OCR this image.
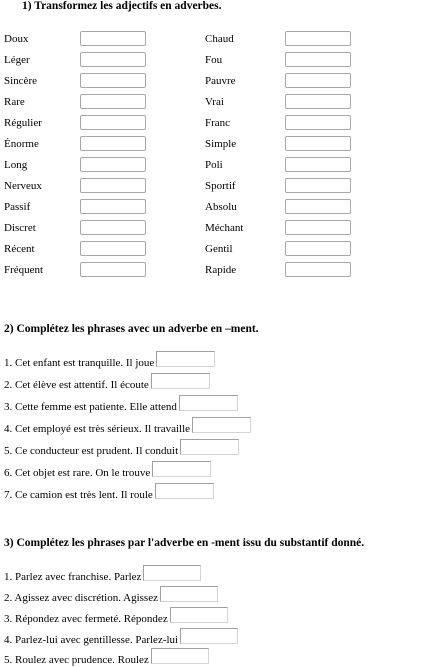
1) Transformez les adjectifs en adverbes.
Doux
Léger
Sincère
Rare
Régulier
Énorme
Long
Nerveux
Passif
Discret
Récent
Fréquent
Chaud
Fou
Pauvre
Vrai
Franc
Simple
Poli
Sportif
Absolu
Méchant
Gentil
Rapide
2) Complétez les phrases avec un adverbe en –ment.
1. Cet enfant est tranquille. Il joue
2. Cet élève est attentif. Il écoute
3. Cette femme est patiente. Elle attend
4. Cet employé est très sérieux. Il travaille
5. Ce conducteur est prudent. Il conduit
6. Cet objet est rare. On le trouve
7. Ce camion est très lent. Il roule
3) Complétez les phrases par l'adverbe en -ment issu du substantif donné.
1. Parlez avec franchise. Parlez
2. Agissez avec discrétion. Agissez
3. Répondez avec fermeté. Répondez
4. Parlez-lui avec gentillesse. Parlez-lui
5. Roulez avec prudence. Roulez
